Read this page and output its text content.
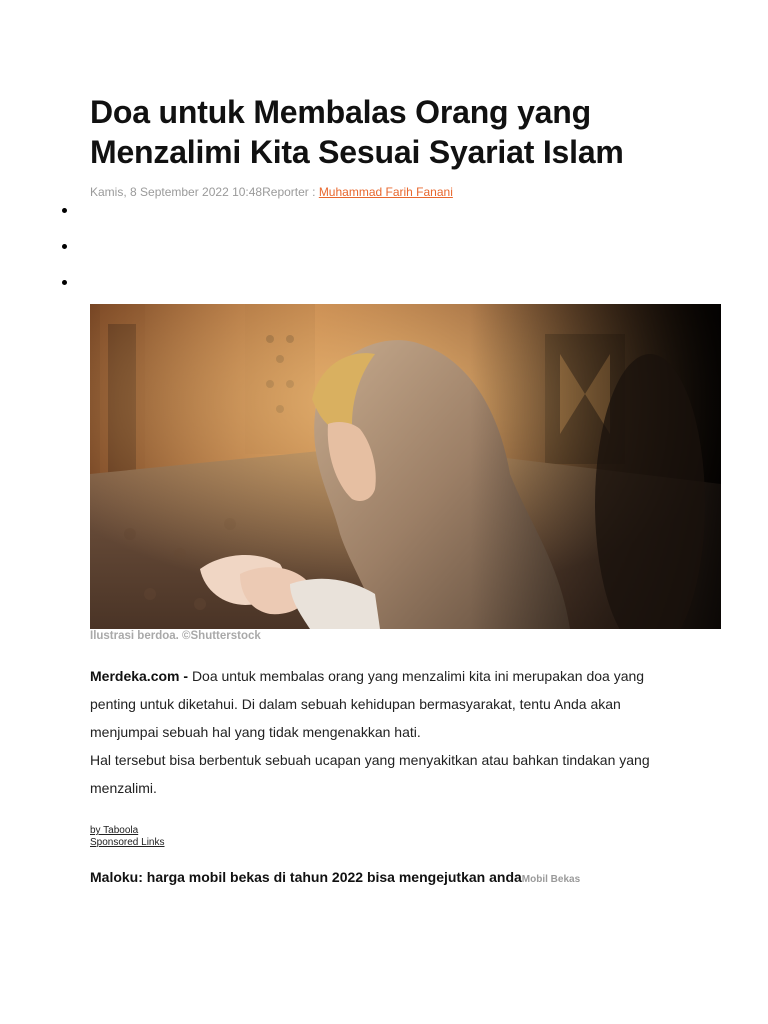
Doa untuk Membalas Orang yang Menzalimi Kita Sesuai Syariat Islam
Kamis, 8 September 2022 10:48Reporter : Muhammad Farih Fanani
Ilustrasi berdoa. ©Shutterstock

Merdeka.com - Doa untuk membalas orang yang menzalimi kita ini merupakan doa yang penting untuk diketahui. Di dalam sebuah kehidupan bermasyarakat, tentu Anda akan menjumpai sebuah hal yang tidak mengenakkan hati.

Hal tersebut bisa berbentuk sebuah ucapan yang menyakitkan atau bahkan tindakan yang menzalimi.

by Taboola
Sponsored Links
Maloku: harga mobil bekas di tahun 2022 bisa mengejutkan andaMobil Bekas
